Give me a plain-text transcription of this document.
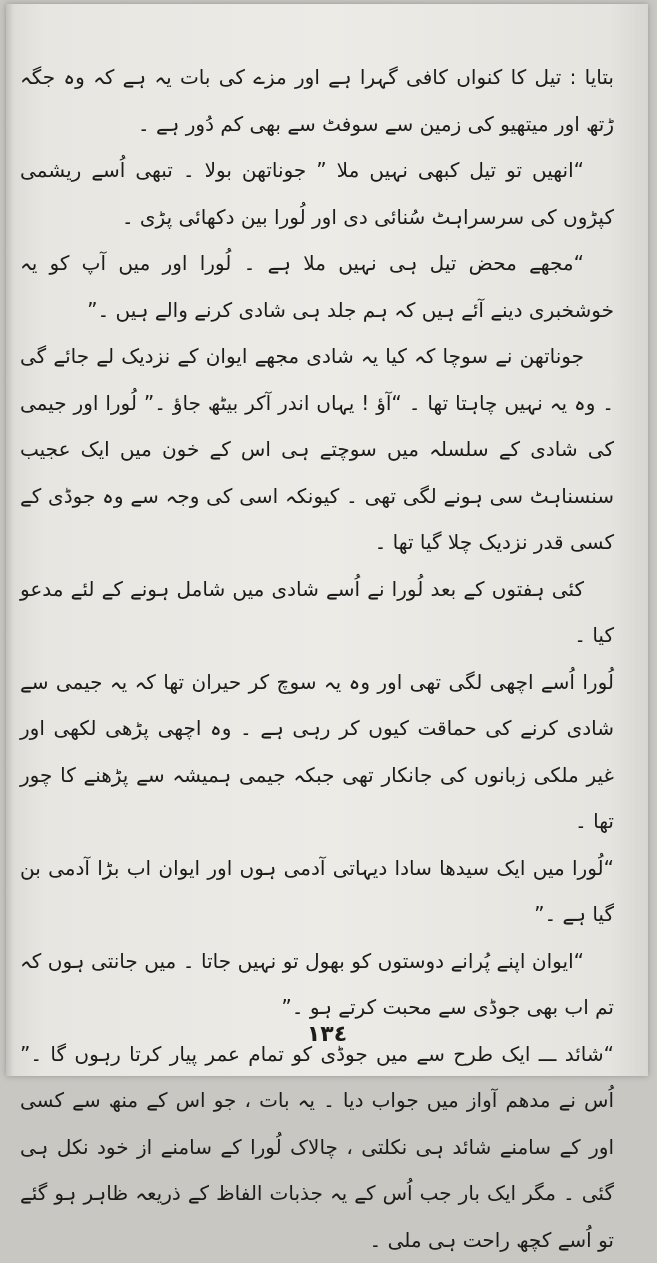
بتایا : تیل کا کنواں کافی گہرا ہے اور مزے کی بات یہ ہے کہ وہ جگہ ڑتھ اور میتھیو کی زمین سے سوفٹ سے بھی کم دُور ہے ۔

“انھیں تو تیل کبھی نہیں ملا ” جوناتھن بولا ۔ تبھی اُسے ریشمی کپڑوں کی سرسراہٹ سُنائی دی اور لُورا بین دکھائی پڑی ۔

“مجھے محض تیل ہی نہیں ملا ہے ۔ لُورا اور میں آپ کو یہ خوشخبری دینے آئے ہیں کہ ہم جلد ہی شادی کرنے والے ہیں ۔”

جوناتھن نے سوچا کہ کیا یہ شادی مجھے ایوان کے نزدیک لے جائے گی ۔ وہ یہ نہیں چاہتا تھا ۔ “آؤ ! یہاں اندر آکر بیٹھ جاؤ ۔” لُورا اور جیمی کی شادی کے سلسلہ میں سوچتے ہی اس کے خون میں ایک عجیب سنسناہٹ سی ہونے لگی تھی ۔ کیونکہ اسی کی وجہ سے وہ جوڈی کے کسی قدر نزدیک چلا گیا تھا ۔

کئی ہفتوں کے بعد لُورا نے اُسے شادی میں شامل ہونے کے لئے مدعو کیا ۔

لُورا اُسے اچھی لگی تھی اور وہ یہ سوچ کر حیران تھا کہ یہ جیمی سے شادی کرنے کی حماقت کیوں کر رہی ہے ۔ وہ اچھی پڑھی لکھی اور غیر ملکی زبانوں کی جانکار تھی جبکہ جیمی ہمیشہ سے پڑھنے کا چور تھا ۔

“لُورا میں ایک سیدھا سادا دیہاتی آدمی ہوں اور ایوان اب بڑا آدمی بن گیا ہے ۔”

“ایوان اپنے پُرانے دوستوں کو بھول تو نہیں جاتا ۔ میں جانتی ہوں کہ تم اب بھی جوڈی سے محبت کرتے ہو ۔”

“شائد ـــ ایک طرح سے میں جوڈی کو تمام عمر پیار کرتا رہوں گا ۔” اُس نے مدھم آواز میں جواب دیا ۔ یہ بات ، جو اس کے منھ سے کسی اور کے سامنے شائد ہی نکلتی ، چالاک لُورا کے سامنے از خود نکل ہی گئی ۔ مگر ایک بار جب اُس کے یہ جذبات الفاظ کے ذریعہ ظاہر ہو گئے تو اُسے کچھ راحت ہی ملی ۔

١٣٤
